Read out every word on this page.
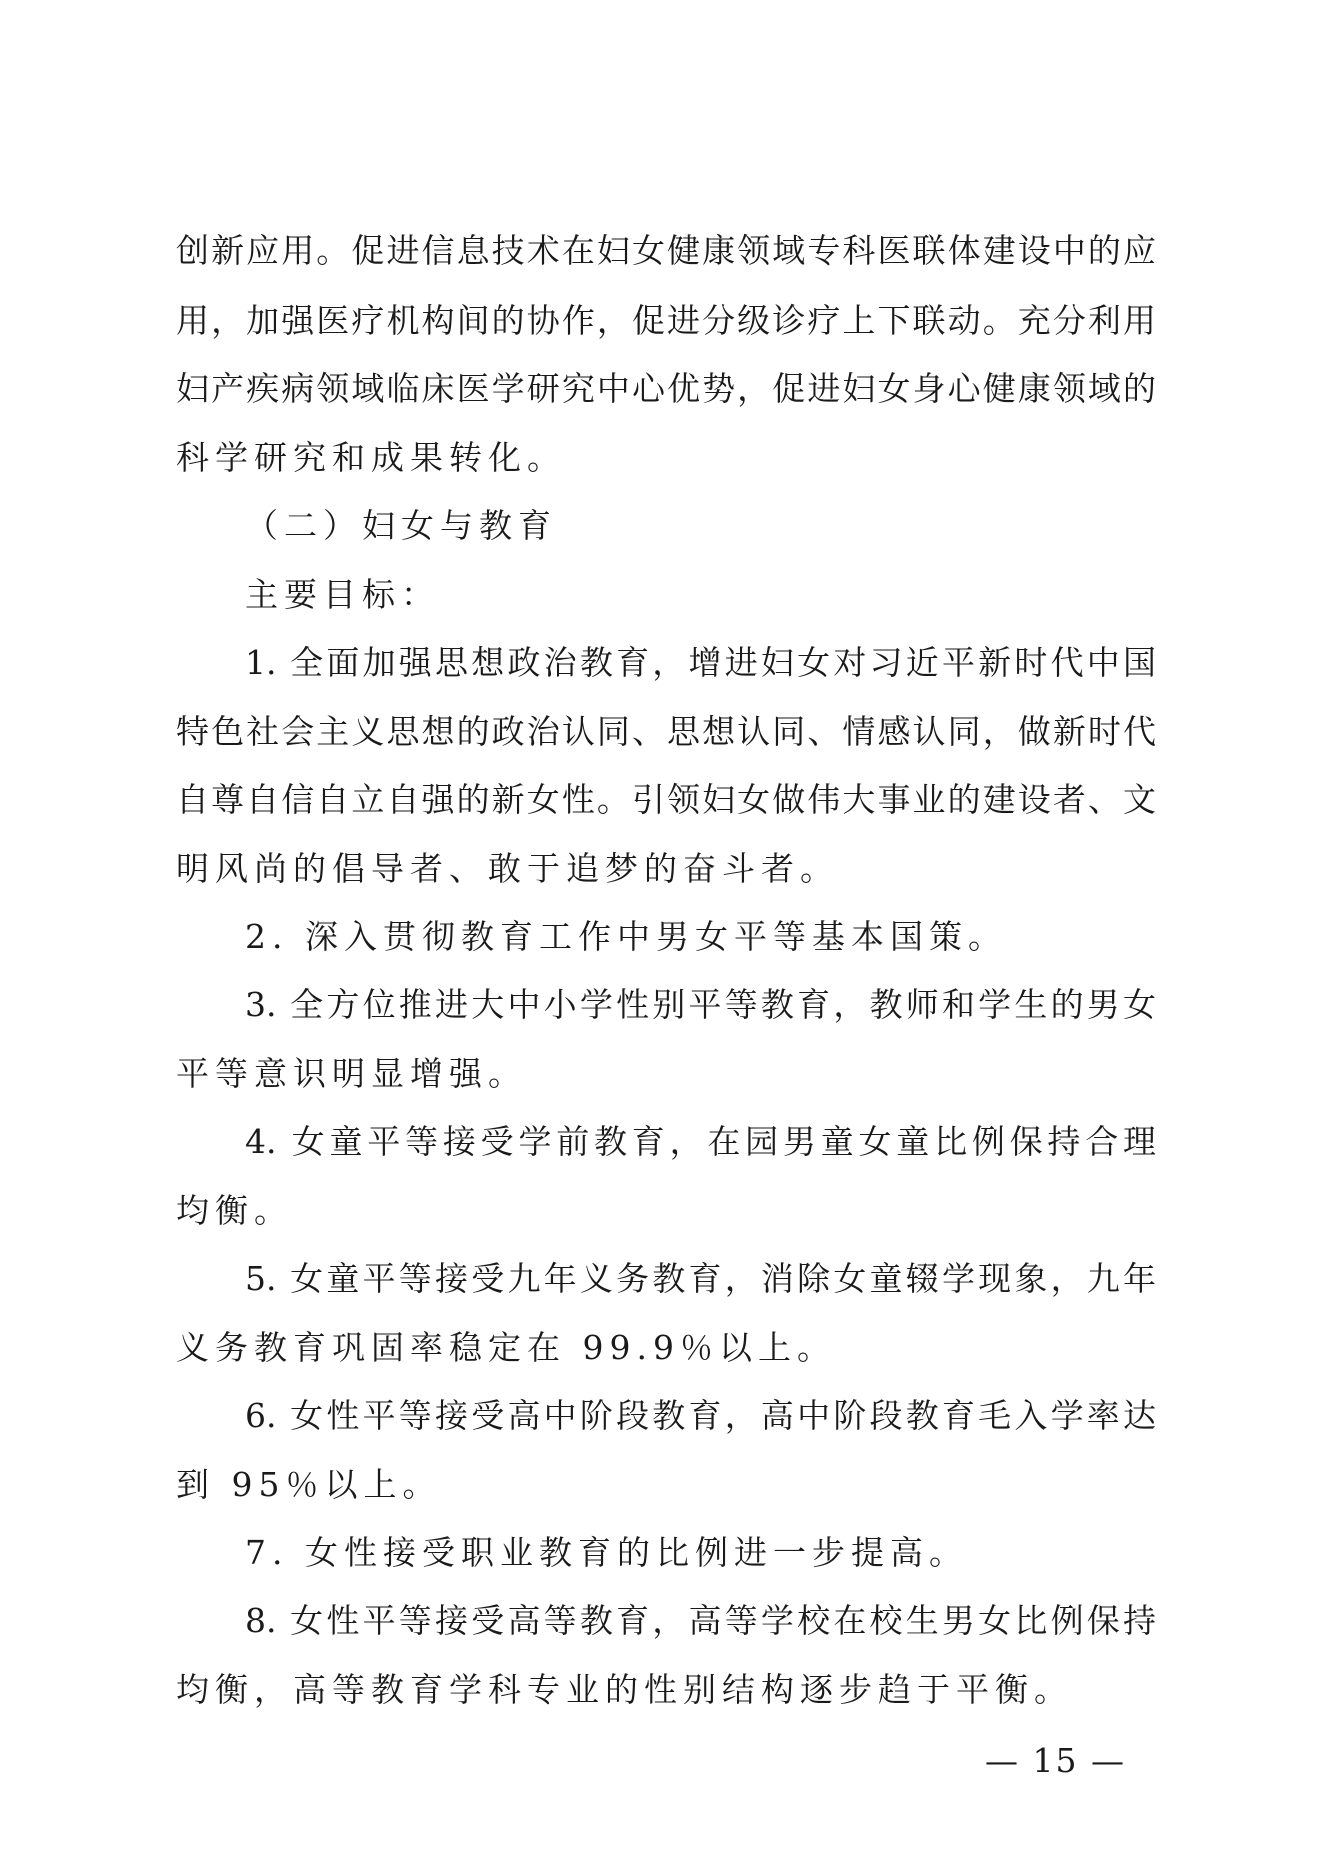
创新应用。促进信息技术在妇女健康领域专科医联体建设中的应
用，加强医疗机构间的协作，促进分级诊疗上下联动。充分利用
妇产疾病领域临床医学研究中心优势，促进妇女身心健康领域的
科学研究和成果转化。
（二）妇女与教育
主要目标：
1. 全面加强思想政治教育，增进妇女对习近平新时代中国
特色社会主义思想的政治认同、思想认同、情感认同，做新时代
自尊自信自立自强的新女性。引领妇女做伟大事业的建设者、文
明风尚的倡导者、敢于追梦的奋斗者。
2. 深入贯彻教育工作中男女平等基本国策。
3. 全方位推进大中小学性别平等教育，教师和学生的男女
平等意识明显增强。
4. 女童平等接受学前教育，在园男童女童比例保持合理
均衡。
5. 女童平等接受九年义务教育，消除女童辍学现象，九年
义务教育巩固率稳定在 99.9％以上。
6. 女性平等接受高中阶段教育，高中阶段教育毛入学率达
到 95％以上。
7. 女性接受职业教育的比例进一步提高。
8. 女性平等接受高等教育，高等学校在校生男女比例保持
均衡，高等教育学科专业的性别结构逐步趋于平衡。
— 15 —
